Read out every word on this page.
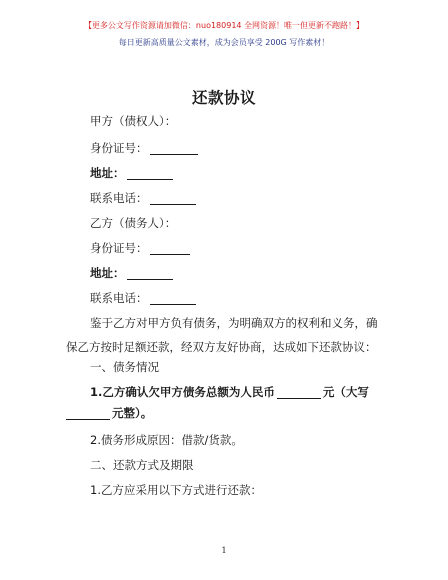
【更多公文写作资源请加微信：nuo180914 全网资源！唯一但更新不跑路！】
每日更新高质量公文素材，成为会员享受 200G 写作素材！
还款协议
甲方（债权人）：
身份证号：
地址：
联系电话：
乙方（债务人）：
身份证号：
地址：
联系电话：
鉴于乙方对甲方负有债务，为明确双方的权利和义务，确保乙方按时足额还款，经双方友好协商，达成如下还款协议：
一、债务情况
1.乙方确认欠甲方债务总额为人民币	元（大写
元整）。
2.债务形成原因：借款/货款。
二、还款方式及期限
1.乙方应采用以下方式进行还款：
1
